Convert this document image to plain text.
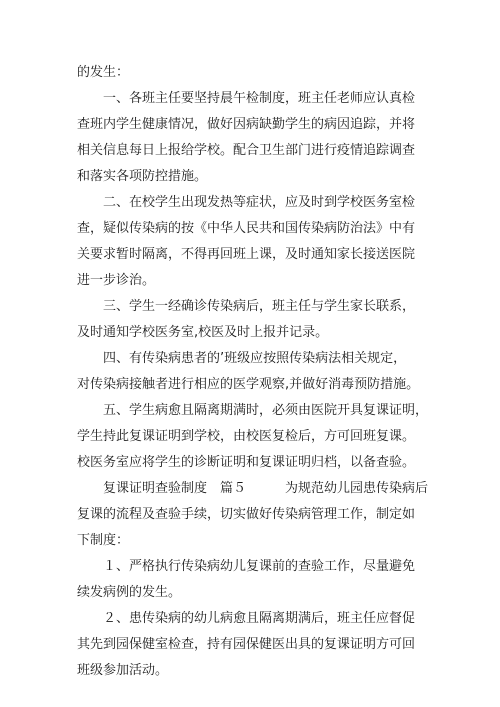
的发生：
　　一、各班主任要坚持晨午检制度，班主任老师应认真检
查班内学生健康情况，做好因病缺勤学生的病因追踪，并将
相关信息每日上报给学校。配合卫生部门进行疫情追踪调查
和落实各项防控措施。
　　二、在校学生出现发热等症状，应及时到学校医务室检
查，疑似传染病的按《中华人民共和国传染病防治法》中有
关要求暂时隔离，不得再回班上课，及时通知家长接送医院
进一步诊治。
　　三、学生一经确诊传染病后，班主任与学生家长联系，
及时通知学校医务室,校医及时上报并记录。
　　四、有传染病患者的’班级应按照传染病法相关规定，
对传染病接触者进行相应的医学观察,并做好消毒预防措施。
　　五、学生病愈且隔离期满时，必须由医院开具复课证明，
学生持此复课证明到学校，由校医复检后，方可回班复课。
校医务室应将学生的诊断证明和复课证明归档，以备查验。
　　复课证明查验制度　篇５　　　为规范幼儿园患传染病后
复课的流程及查验手续，切实做好传染病管理工作，制定如
下制度：
　　１、严格执行传染病幼儿复课前的查验工作，尽量避免
续发病例的发生。
　　２、患传染病的幼儿病愈且隔离期满后，班主任应督促
其先到园保健室检查，持有园保健医出具的复课证明方可回
班级参加活动。
